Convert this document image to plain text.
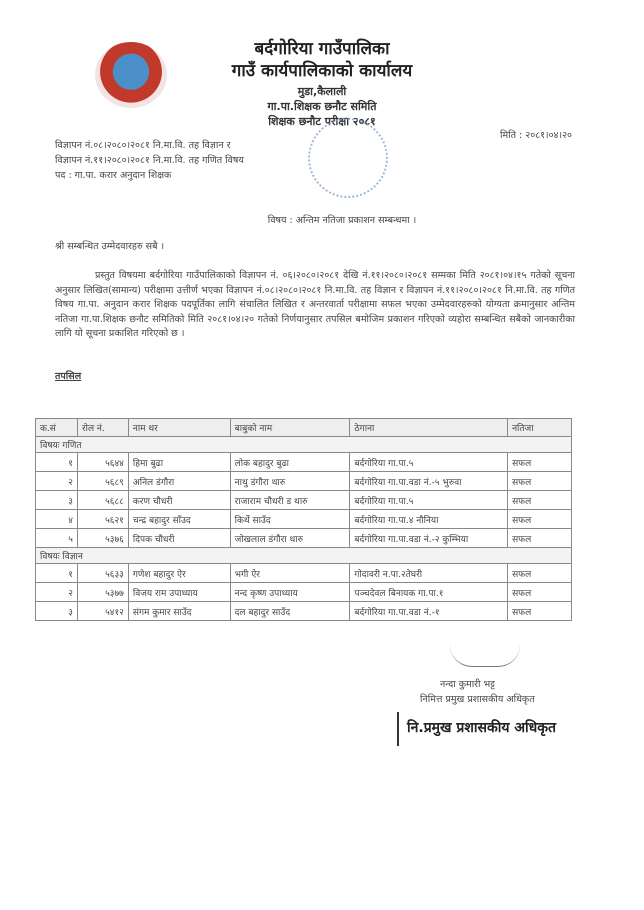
बर्दगोरिया गाउँपालिका
गाउँ कार्यपालिकाको कार्यालय
मुडा,कैलाली
गा.पा.शिक्षक छनौट समिति
शिक्षक छनौट परीक्षा २०८१
मिति : २०८१।०४।२०
विज्ञापन नं.०८।२०८०।२०८१ नि.मा.वि. तह विज्ञान र
विज्ञापन नं.११।२०८०।२०८१ नि.मा.वि. तह गणित विषय
पद : गा.पा. करार अनुदान शिक्षक
विषय : अन्तिम नतिजा प्रकाशन सम्बन्धमा ।
श्री सम्बन्धित उम्मेदवारहरु सबै ।
प्रस्तुत विषयमा बर्दगोरिया गाउँपालिकाको विज्ञापन नं. ०६।२०८०।२०८१ देखि नं.११।२०८०।२०८१ सम्मका मिति २०८१।०४।१५ गतेको सूचना अनुसार लिखित(सामान्य) परीक्षामा उत्तीर्ण भएका विज्ञापन नं.०८।२०८०।२०८१ नि.मा.वि. तह विज्ञान र विज्ञापन नं.११।२०८०।२०८१ नि.मा.वि. तह गणित विषय गा.पा. अनुदान करार शिक्षक पदपूर्तिका लागि संचालित लिखित र अन्तरवार्ता परीक्षामा सफल भएका उम्मेदवारहरुको योग्यता क्रमानुसार अन्तिम नतिजा गा.पा.शिक्षक छनौट समितिको मिति २०८१।०४।२० गतेको निर्णयानुसार तपसिल बमोजिम प्रकाशन गरिएको व्यहोरा सम्बन्धित सबैको जानकारीका लागि यो सूचना प्रकाशित गरिएको छ ।
तपसिल
क.सं	रोल नं.	नाम थर	बाबुको नाम	ठेगाना	नतिजा
विषयः गणित					
१	५६४४	हिमा बुढा	लोक बहादुर बुढा	बर्दगोरिया गा.पा.५	सफल
२	५६८९	अनिल डंगौरा	नाथु डंगौरा थारु	बर्दगोरिया गा.पा.वडा नं.-५ भुरुवा	सफल
३	५६८८	करण चौधरी	राजाराम चौधरी ड थारु	बर्दगोरिया गा.पा.५	सफल
४	५६२१	चन्द्र बहादुर साँउद	किर्थे साउँद	बर्दगोरिया गा.पा.४ नौनिया	सफल
५	५३७६	दिपक चौधरी	जोखलाल डंगौरा थारु	बर्दगोरिया गा.पा.वडा नं.-२ कुम्भिया	सफल
विषयः विज्ञान					
१	५६३३	गणेश बहादुर ऐर	भगी ऐर	गोदावरी न.पा.२तेघरी	सफल
२	५३७७	विजय राम उपाध्याय	नन्द कृष्ण उपाध्याय	पञ्चदेवल बिनायक गा.पा.१	सफल
३	५४१२	संगम कुमार साउँद	दल बहादुर साउँद	बर्दगोरिया गा.पा.वडा नं.-१	सफल
नन्दा कुमारी भट्ट
निमित्त प्रमुख प्रशासकीय अधिकृत
नि.प्रमुख प्रशासकीय अधिकृत
